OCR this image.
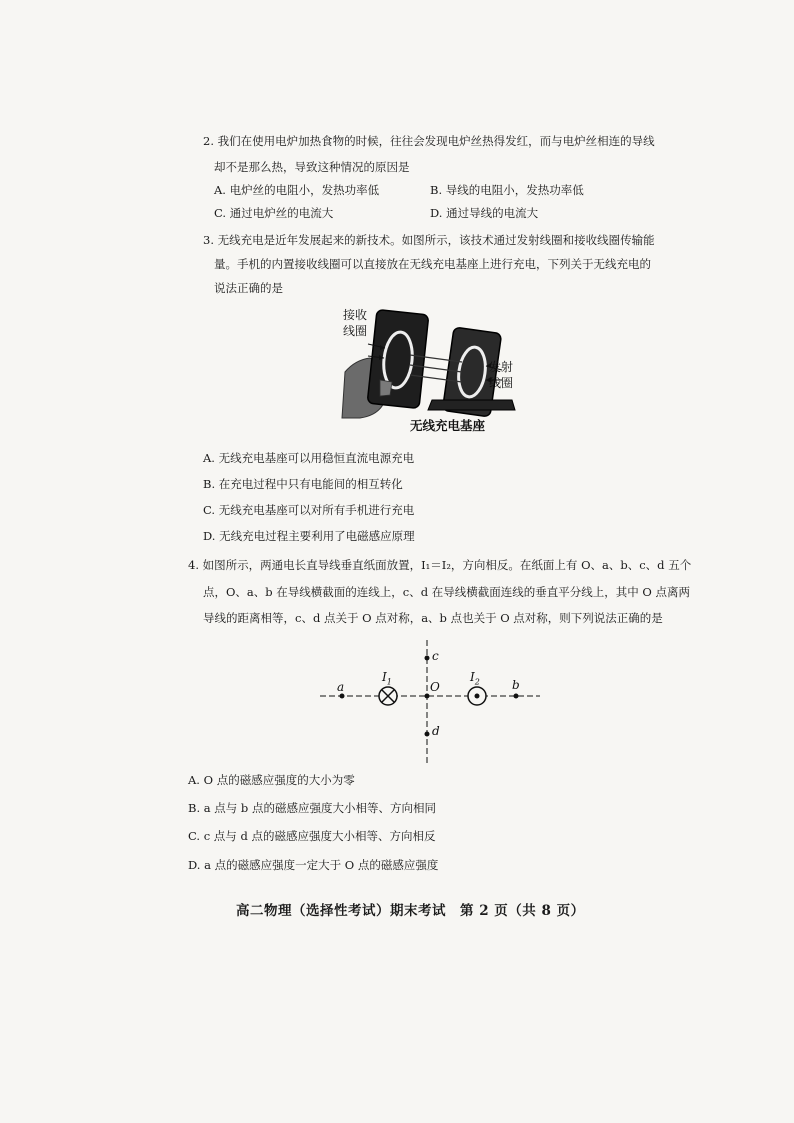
2. 我们在使用电炉加热食物的时候，往往会发现电炉丝热得发红，而与电炉丝相连的导线
却不是那么热，导致这种情况的原因是
A. 电炉丝的电阻小，发热功率低	B. 导线的电阻小，发热功率低
C. 通过电炉丝的电流大	D. 通过导线的电流大
3. 无线充电是近年发展起来的新技术。如图所示，该技术通过发射线圈和接收线圈传输能
量。手机的内置接收线圈可以直接放在无线充电基座上进行充电，下列关于无线充电的
说法正确的是
接收
线圈
发射
线圈
无线充电基座
A. 无线充电基座可以用稳恒直流电源充电
B. 在充电过程中只有电能间的相互转化
C. 无线充电基座可以对所有手机进行充电
D. 无线充电过程主要利用了电磁感应原理
4. 如图所示，两通电长直导线垂直纸面放置，I₁＝I₂，方向相反。在纸面上有 O、a、b、c、d 五个
点，O、a、b 在导线横截面的连线上，c、d 在导线横截面连线的垂直平分线上，其中 O 点离两
导线的距离相等，c、d 点关于 O 点对称，a、b 点也关于 O 点对称，则下列说法正确的是
a	b
c
d
O
$I_1$	$I_2$
A. O 点的磁感应强度的大小为零
B. a 点与 b 点的磁感应强度大小相等、方向相同
C. c 点与 d 点的磁感应强度大小相等、方向相反
D. a 点的磁感应强度一定大于 O 点的磁感应强度
高二物理（选择性考试）期末考试　第 2 页（共 8 页）
